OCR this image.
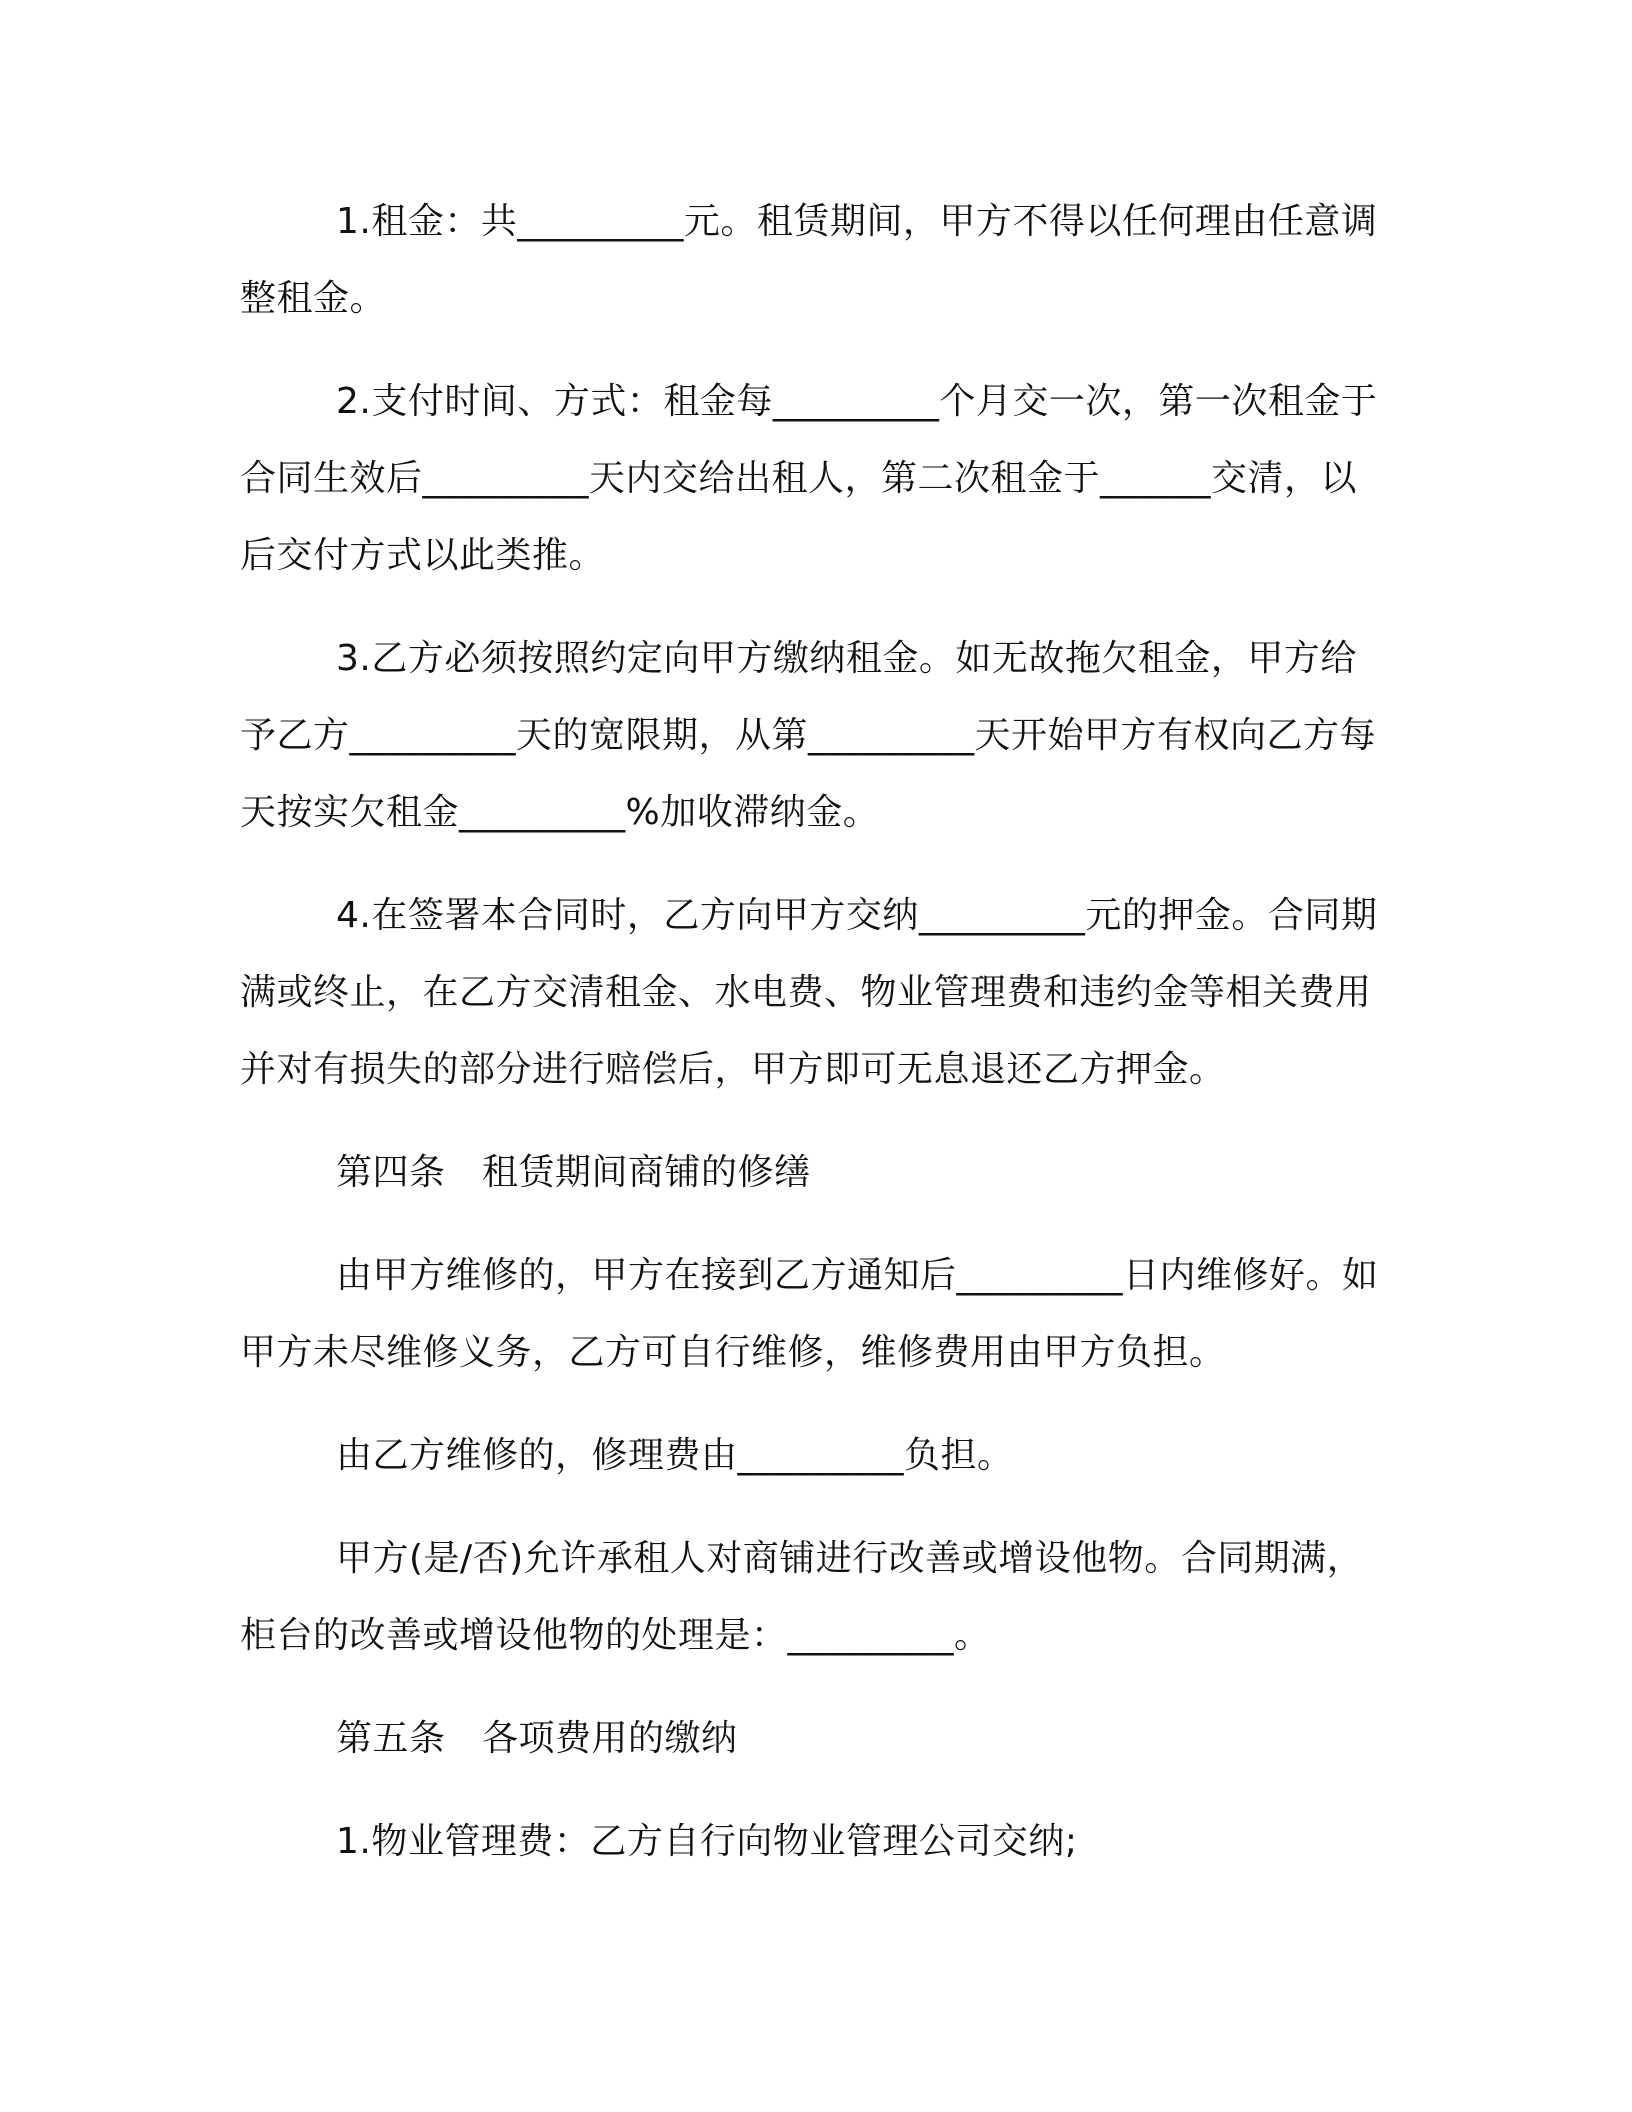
1.租金：共_________元。租赁期间，甲方不得以任何理由任意调整租金。

2.支付时间、方式：租金每_________个月交一次，第一次租金于合同生效后_________天内交给出租人，第二次租金于______交清，以后交付方式以此类推。

3.乙方必须按照约定向甲方缴纳租金。如无故拖欠租金，甲方给予乙方_________天的宽限期，从第_________天开始甲方有权向乙方每天按实欠租金_________%加收滞纳金。

4.在签署本合同时，乙方向甲方交纳_________元的押金。合同期满或终止，在乙方交清租金、水电费、物业管理费和违约金等相关费用并对有损失的部分进行赔偿后，甲方即可无息退还乙方押金。

第四条　租赁期间商铺的修缮

由甲方维修的，甲方在接到乙方通知后_________日内维修好。如甲方未尽维修义务，乙方可自行维修，维修费用由甲方负担。

由乙方维修的，修理费由_________负担。

甲方(是/否)允许承租人对商铺进行改善或增设他物。合同期满，柜台的改善或增设他物的处理是：_________。

第五条　各项费用的缴纳

1.物业管理费：乙方自行向物业管理公司交纳;
